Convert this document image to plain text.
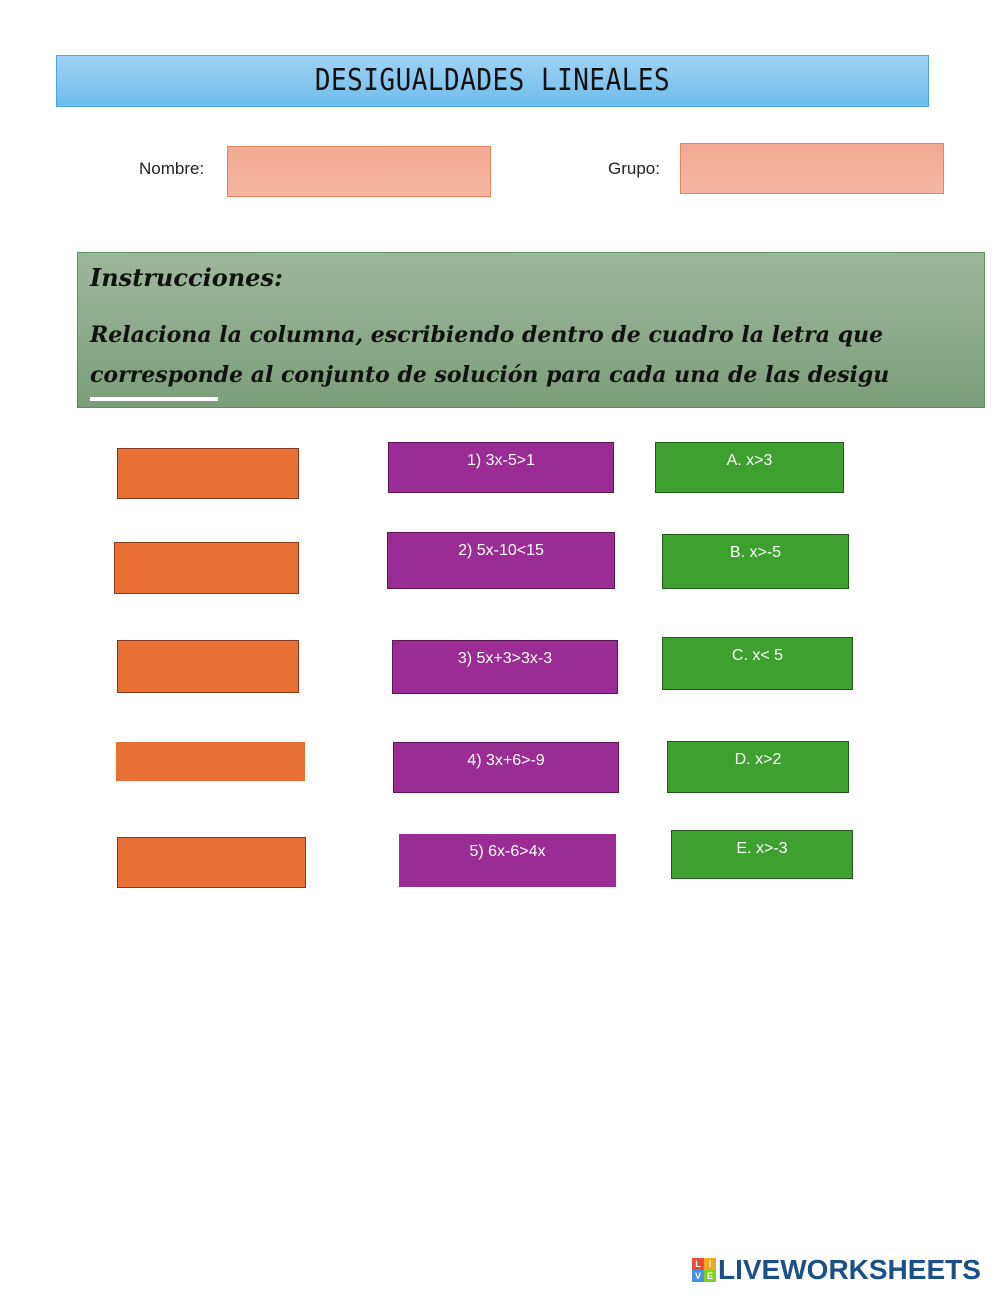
DESIGUALDADES LINEALES
Nombre:	Grupo:
Instrucciones:
Relaciona la columna, escribiendo dentro de cuadro la letra que
corresponde al conjunto de solución para cada una de las desigu
1) 3x-5>1
2) 5x-10<15
3) 5x+3>3x-3
4) 3x+6>-9
5) 6x-6>4x
A. x>3
B. x>-5
C. x< 5
D. x>2
E. x>-3
L I
V E LIVEWORKSHEETS
